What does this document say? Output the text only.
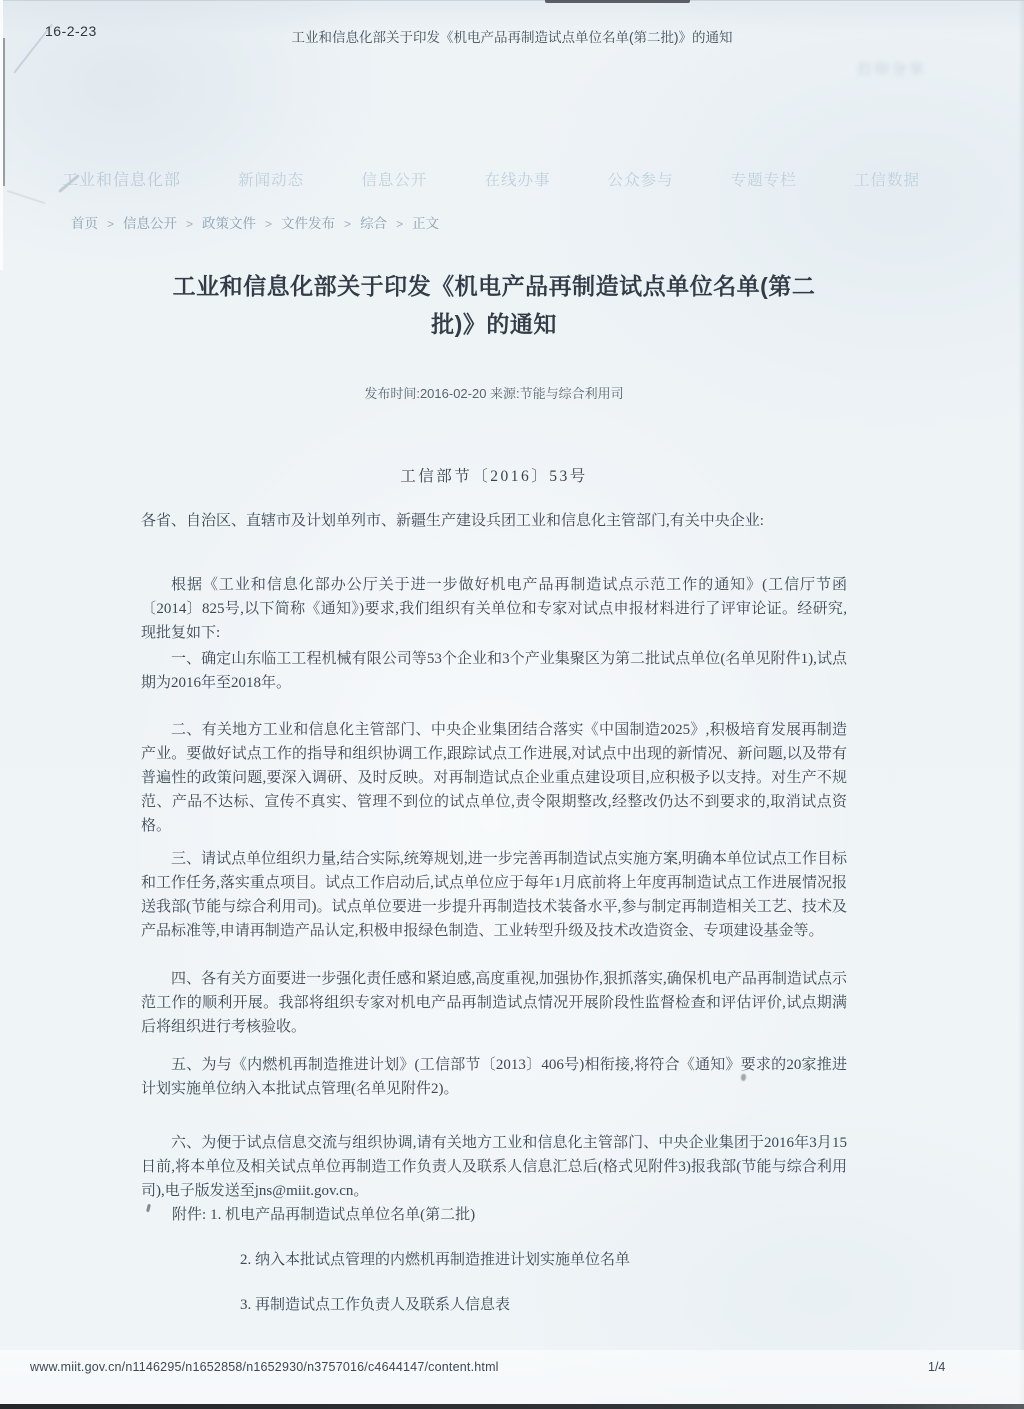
16-2-23	工业和信息化部关于印发《机电产品再制造试点单位名单(第二批)》的通知
打印分享
工业和信息化部	新闻动态	信息公开	在线办事	公众参与	专题专栏	工信数据
首页 > 信息公开 > 政策文件 > 文件发布 > 综合 > 正文
工业和信息化部关于印发《机电产品再制造试点单位名单(第二批)》的通知
发布时间:2016-02-20 来源:节能与综合利用司
工信部节〔2016〕53号
各省、自治区、直辖市及计划单列市、新疆生产建设兵团工业和信息化主管部门,有关中央企业:

根据《工业和信息化部办公厅关于进一步做好机电产品再制造试点示范工作的通知》(工信厅节函〔2014〕825号,以下简称《通知》)要求,我们组织有关单位和专家对试点申报材料进行了评审论证。经研究,现批复如下:

一、确定山东临工工程机械有限公司等53个企业和3个产业集聚区为第二批试点单位(名单见附件1),试点期为2016年至2018年。

二、有关地方工业和信息化主管部门、中央企业集团结合落实《中国制造2025》,积极培育发展再制造产业。要做好试点工作的指导和组织协调工作,跟踪试点工作进展,对试点中出现的新情况、新问题,以及带有普遍性的政策问题,要深入调研、及时反映。对再制造试点企业重点建设项目,应积极予以支持。对生产不规范、产品不达标、宣传不真实、管理不到位的试点单位,责令限期整改,经整改仍达不到要求的,取消试点资格。

三、请试点单位组织力量,结合实际,统筹规划,进一步完善再制造试点实施方案,明确本单位试点工作目标和工作任务,落实重点项目。试点工作启动后,试点单位应于每年1月底前将上年度再制造试点工作进展情况报送我部(节能与综合利用司)。试点单位要进一步提升再制造技术装备水平,参与制定再制造相关工艺、技术及产品标准等,申请再制造产品认定,积极申报绿色制造、工业转型升级及技术改造资金、专项建设基金等。

四、各有关方面要进一步强化责任感和紧迫感,高度重视,加强协作,狠抓落实,确保机电产品再制造试点示范工作的顺利开展。我部将组织专家对机电产品再制造试点情况开展阶段性监督检查和评估评价,试点期满后将组织进行考核验收。

五、为与《内燃机再制造推进计划》(工信部节〔2013〕406号)相衔接,将符合《通知》要求的20家推进计划实施单位纳入本批试点管理(名单见附件2)。

六、为便于试点信息交流与组织协调,请有关地方工业和信息化主管部门、中央企业集团于2016年3月15日前,将本单位及相关试点单位再制造工作负责人及联系人信息汇总后(格式见附件3)报我部(节能与综合利用司),电子版发送至jns@miit.gov.cn。

附件: 1. 机电产品再制造试点单位名单(第二批)
2. 纳入本批试点管理的内燃机再制造推进计划实施单位名单
3. 再制造试点工作负责人及联系人信息表
www.miit.gov.cn/n1146295/n1652858/n1652930/n3757016/c4644147/content.html	1/4
